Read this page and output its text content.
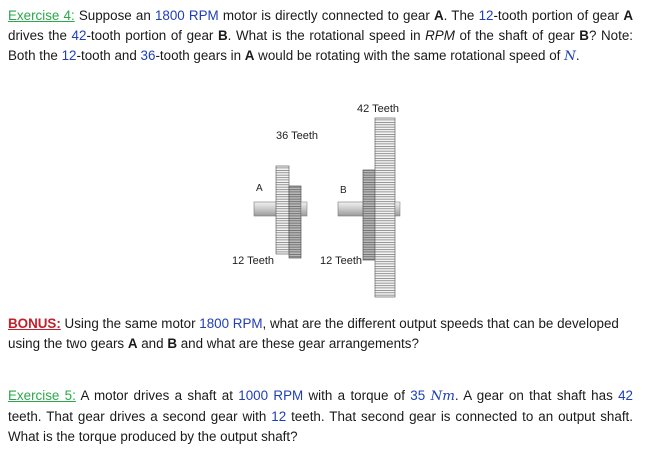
Exercise 4: Suppose an 1800 RPM motor is directly connected to gear A. The 12-tooth portion of gear A drives the 42-tooth portion of gear B. What is the rotational speed in RPM of the shaft of gear B? Note: Both the 12-tooth and 36-tooth gears in A would be rotating with the same rotational speed of N.
42 Teeth
36 Teeth
A	B
12 Teeth	12 Teeth
BONUS: Using the same motor 1800 RPM, what are the different output speeds that can be developed using the two gears A and B and what are these gear arrangements?
Exercise 5: A motor drives a shaft at 1000 RPM with a torque of 35 Nm. A gear on that shaft has 42 teeth. That gear drives a second gear with 12 teeth. That second gear is connected to an output shaft. What is the torque produced by the output shaft?
